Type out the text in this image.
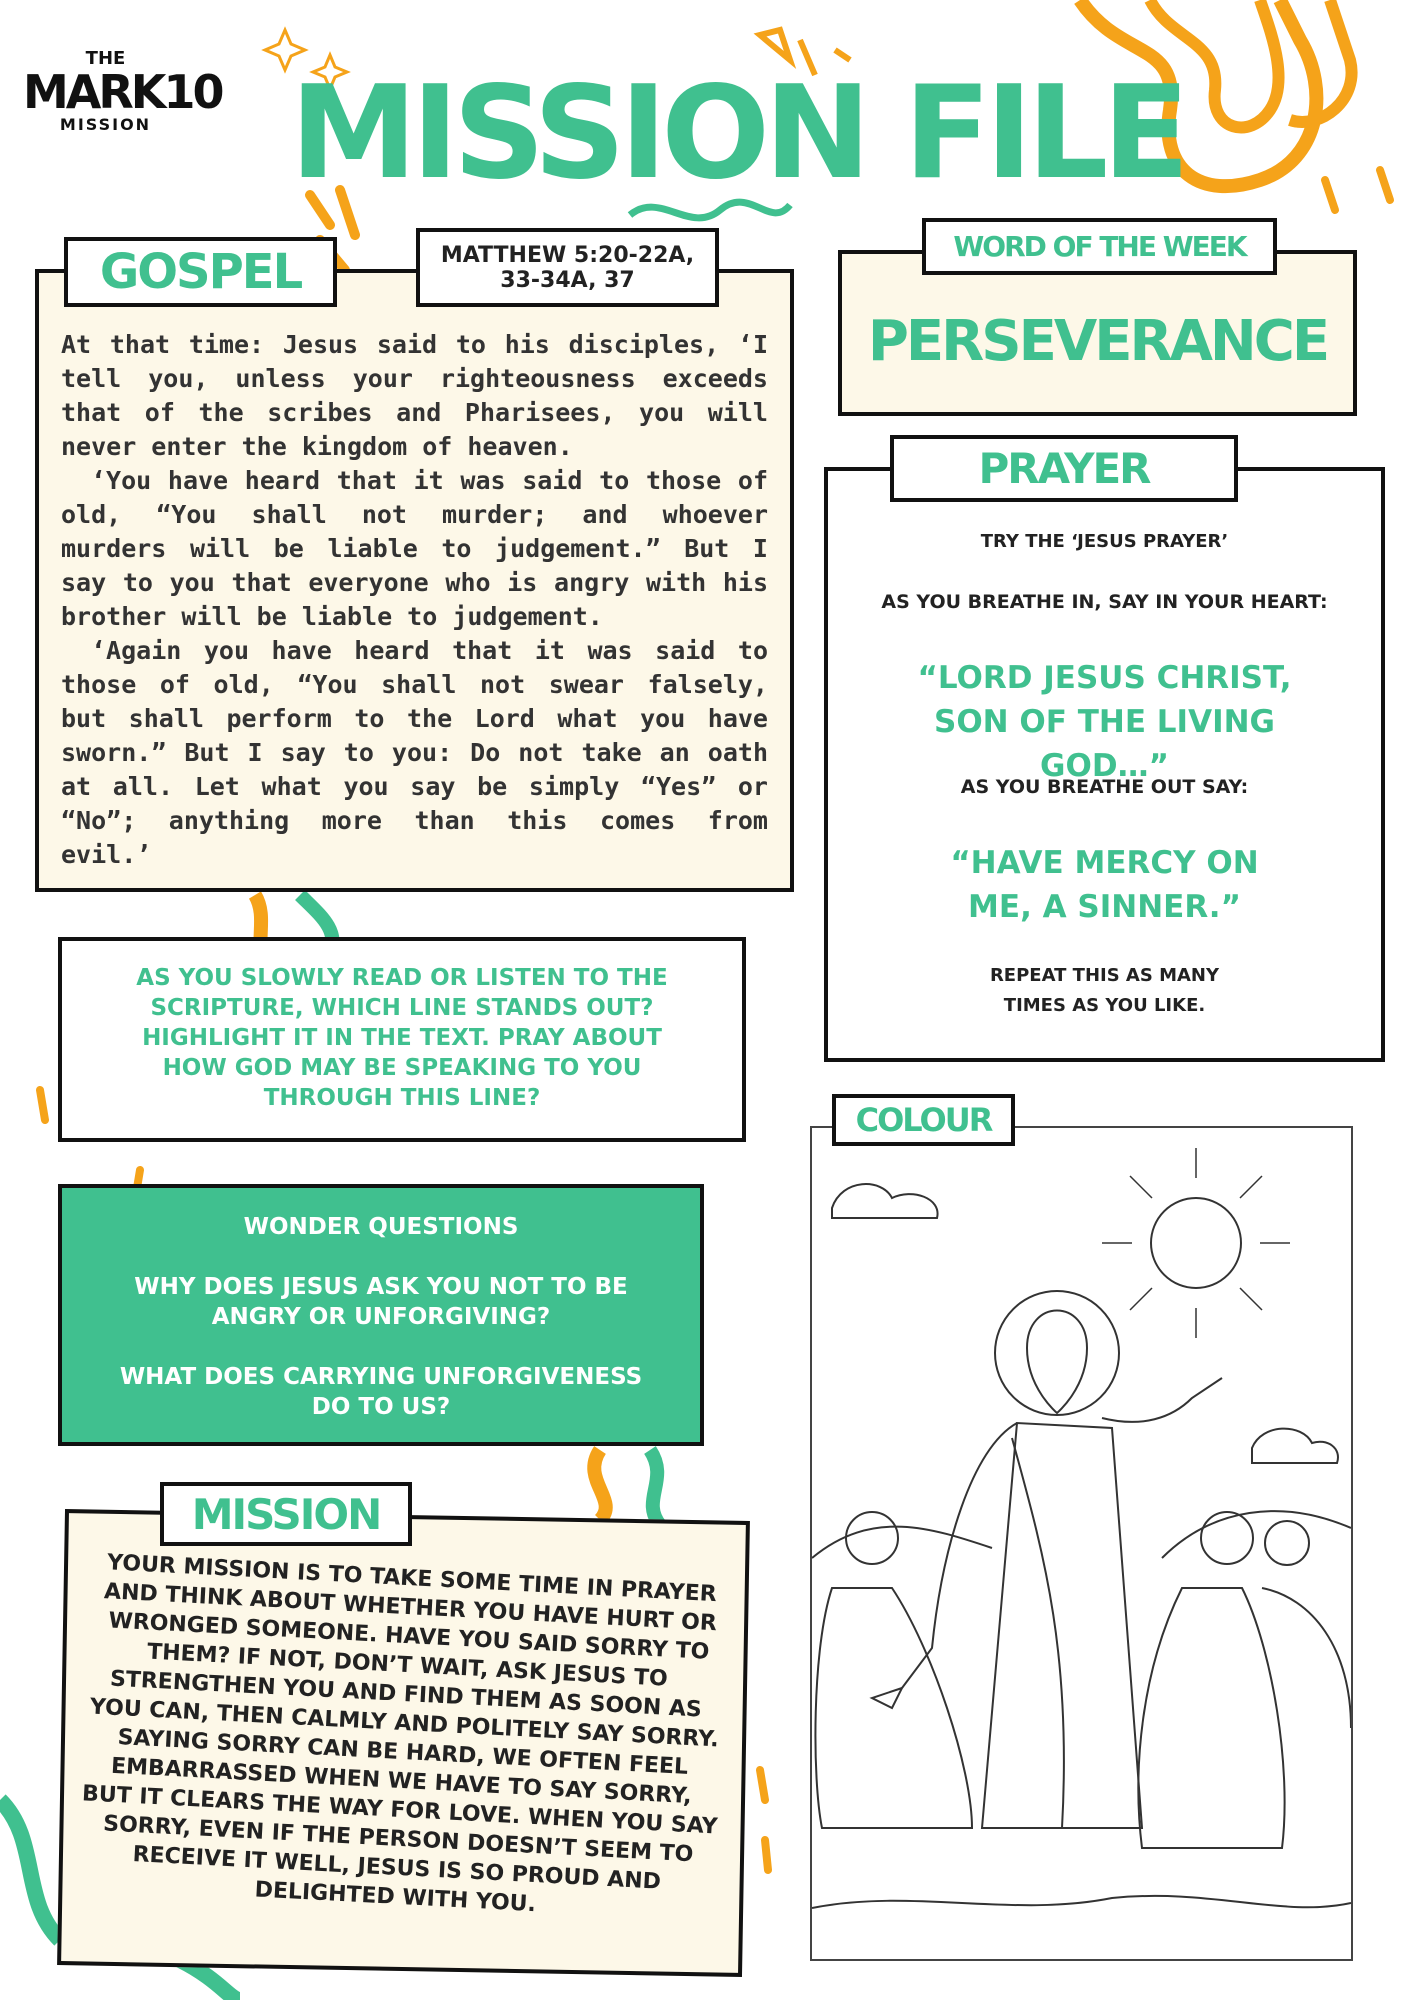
THE
MARK10
MISSION MISSION FILE

At that time: Jesus said to his disciples, ‘I tell you, unless your righteousness exceeds that of the scribes and Pharisees, you will never enter the kingdom of heaven.

‘You have heard that it was said to those of old, “You shall not murder; and whoever murders will be liable to judgement.” But I say to you that everyone who is angry with his brother will be liable to judgement.

‘Again you have heard that it was said to those of old, “You shall not swear falsely, but shall perform to the Lord what you have sworn.” But I say to you: Do not take an oath at all. Let what you say be simply “Yes” or “No”; anything more than this comes from evil.’

GOSPEL	MATTHEW 5:20-22A,
33-34A, 37
AS YOU SLOWLY READ OR LISTEN TO THE SCRIPTURE, WHICH LINE STANDS OUT? HIGHLIGHT IT IN THE TEXT. PRAY ABOUT HOW GOD MAY BE SPEAKING TO YOU THROUGH THIS LINE?
WONDER QUESTIONS
WHY DOES JESUS ASK YOU NOT TO BE ANGRY OR UNFORGIVING?
WHAT DOES CARRYING UNFORGIVENESS DO TO US?
YOUR MISSION IS TO TAKE SOME TIME IN PRAYER AND THINK ABOUT WHETHER YOU HAVE HURT OR WRONGED SOMEONE. HAVE YOU SAID SORRY TO THEM? IF NOT, DON’T WAIT, ASK JESUS TO STRENGTHEN YOU AND FIND THEM AS SOON AS YOU CAN, THEN CALMLY AND POLITELY SAY SORRY. SAYING SORRY CAN BE HARD, WE OFTEN FEEL EMBARRASSED WHEN WE HAVE TO SAY SORRY, BUT IT CLEARS THE WAY FOR LOVE. WHEN YOU SAY SORRY, EVEN IF THE PERSON DOESN’T SEEM TO RECEIVE IT WELL, JESUS IS SO PROUD AND DELIGHTED WITH YOU.
MISSION
PERSEVERANCE
WORD OF THE WEEK
TRY THE ‘JESUS PRAYER’
AS YOU BREATHE IN, SAY IN YOUR HEART:
“LORD JESUS CHRIST, SON OF THE LIVING GOD…”
AS YOU BREATHE OUT SAY:
“HAVE MERCY ON ME, A SINNER.”
REPEAT THIS AS MANY TIMES AS YOU LIKE.
PRAYER
COLOUR
